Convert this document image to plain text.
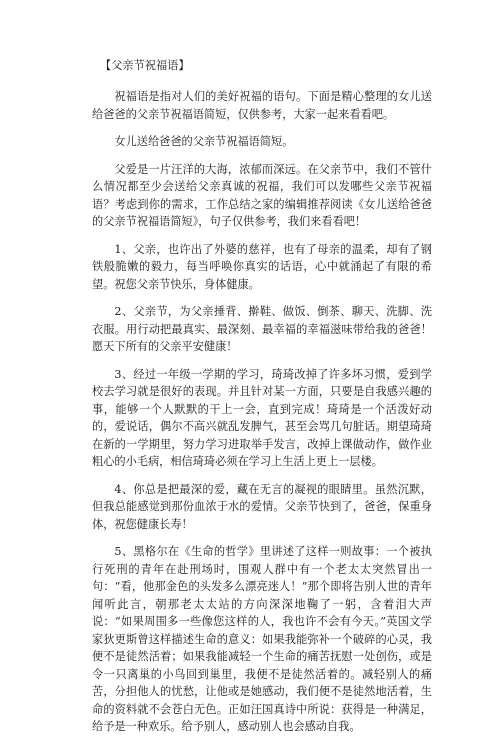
【父亲节祝福语】

祝福语是指对人们的美好祝福的语句。下面是精心整理的女儿送给爸爸的父亲节祝福语简短，仅供参考，大家一起来看看吧。

女儿送给爸爸的父亲节祝福语简短。

父爱是一片汪洋的大海，浓郁而深远。在父亲节中，我们不管什么情况都至少会送给父亲真诚的祝福，我们可以发哪些父亲节祝福语？考虑到你的需求，工作总结之家的编辑推荐阅读《女儿送给爸爸的父亲节祝福语简短》，句子仅供参考，我们来看看吧！

1、父亲，也许出了外婆的慈祥，也有了母亲的温柔，却有了钢铁般脆嫩的毅力，每当呼唤你真实的话语，心中就涌起了有限的希望。祝您父亲节快乐，身体健康。

2、父亲节，为父亲捶背、擀鞋、做饭、倒茶、聊天、洗脚、洗衣服。用行动把最真实、最深刻、最幸福的幸福滋味带给我的爸爸！愿天下所有的父亲平安健康！

3、经过一年级一学期的学习，琦琦改掉了许多坏习惯，爱到学校去学习就是很好的表现。并且针对某一方面，只要是自我感兴趣的事，能够一个人默默的干上一会，直到完成！琦琦是一个活泼好动的，爱说话，偶尔不高兴就乱发脾气，甚至会骂几句脏话。期望琦琦在新的一学期里，努力学习进取举手发言，改掉上课做动作，做作业粗心的小毛病，相信琦琦必须在学习上生活上更上一层楼。

4、你总是把最深的爱，藏在无言的凝视的眼睛里。虽然沉默，但我总能感觉到那份血浓于水的爱情。父亲节快到了，爸爸，保重身体，祝您健康长寿！

5、黑格尔在《生命的哲学》里讲述了这样一则故事：一个被执行死刑的青年在赴刑场时，围观人群中有一个老太太突然冒出一句：“看，他那金色的头发多么漂亮迷人！”那个即将告别人世的青年闻听此言，朝那老太太站的方向深深地鞠了一躬，含着泪大声说：“如果周围多一些像您这样的人，我也许不会有今天。”英国文学家狄更斯曾这样描述生命的意义：如果我能弥补一个破碎的心灵，我便不是徒然活着；如果我能减轻一个生命的痛苦抚慰一处创伤，或是令一只离巢的小鸟回到巢里，我便不是徒然活着的。减轻别人的痛苦，分担他人的忧愁，让他或是她感动，我们便不是徒然地活着，生命的资料就不会苍白无色。正如汪国真诗中所说：获得是一种满足，给予是一种欢乐。给予别人，感动别人也会感动自我。
